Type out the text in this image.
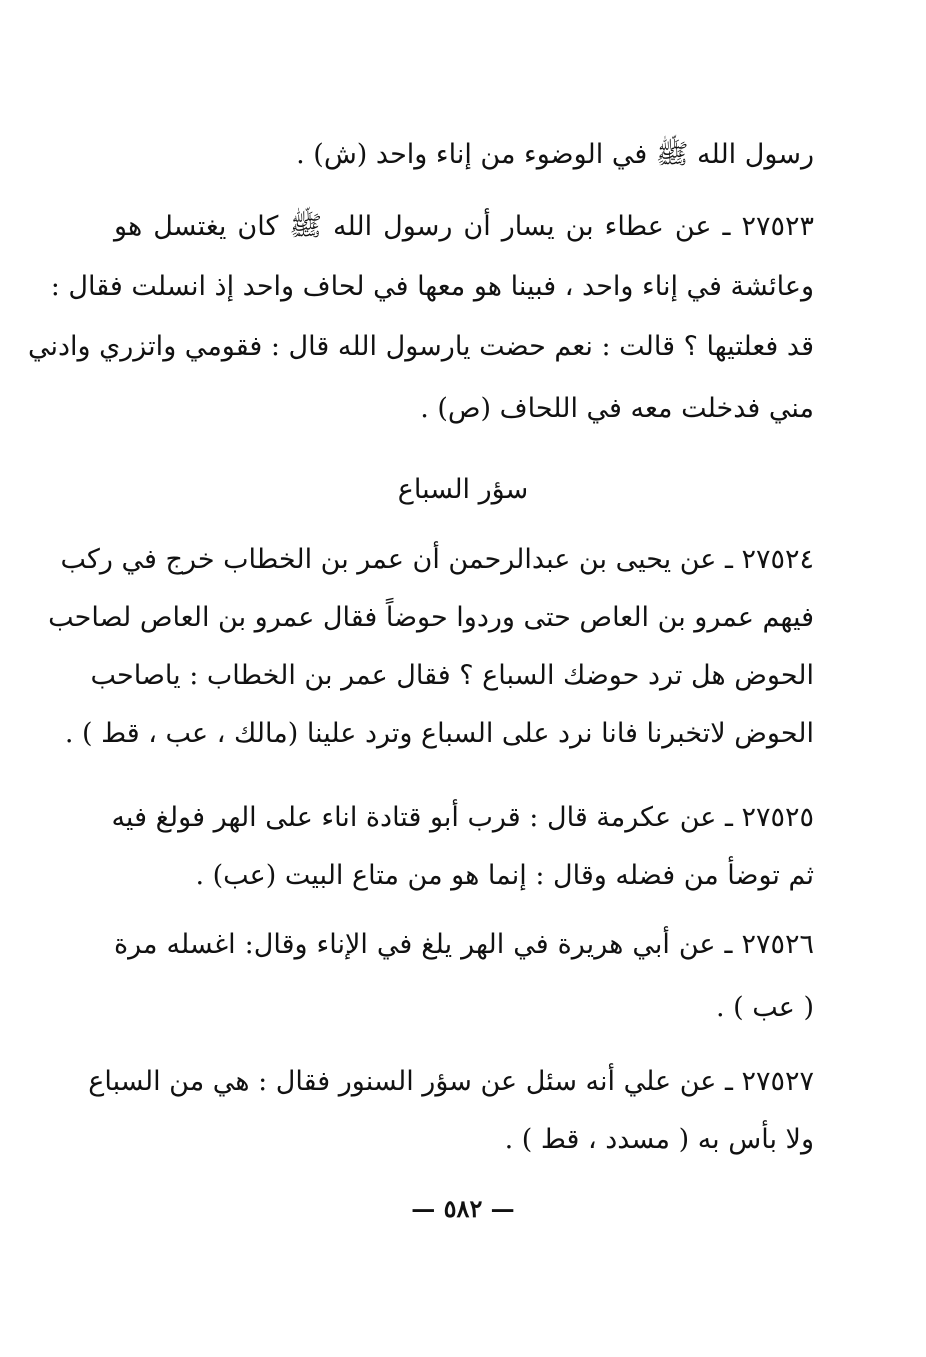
رسول الله ﷺ في الوضوء من إناء واحد (ش) .
٢٧٥٢٣ ـ عن عطاء بن يسار أن رسول الله ﷺ كان يغتسل هو
وعائشة في إناء واحد ، فبينا هو معها في لحاف واحد إذ انسلت فقال :
قد فعلتيها ؟ قالت : نعم حضت يارسول الله قال : فقومي واتزري وادني
مني فدخلت معه في اللحاف (ص) .
سؤر السباع
٢٧٥٢٤ ـ عن يحيى بن عبدالرحمن أن عمر بن الخطاب خرج في ركب
فيهم عمرو بن العاص حتى وردوا حوضاً فقال عمرو بن العاص لصاحب
الحوض هل ترد حوضك السباع ؟ فقال عمر بن الخطاب : ياصاحب
الحوض لاتخبرنا فانا نرد على السباع وترد علينا (مالك ، عب ، قط ) .
٢٧٥٢٥ ـ عن عكرمة قال : قرب أبو قتادة اناء على الهر فولغ فيه
ثم توضأ من فضله وقال : إنما هو من متاع البيت (عب) .
٢٧٥٢٦ ـ عن أبي هريرة في الهر يلغ في الإناء وقال: اغسله مرة
( عب ) .
٢٧٥٢٧ ـ عن علي أنه سئل عن سؤر السنور فقال : هي من السباع
ولا بأس به ( مسدد ، قط ) .
— ٥٨٢ —
